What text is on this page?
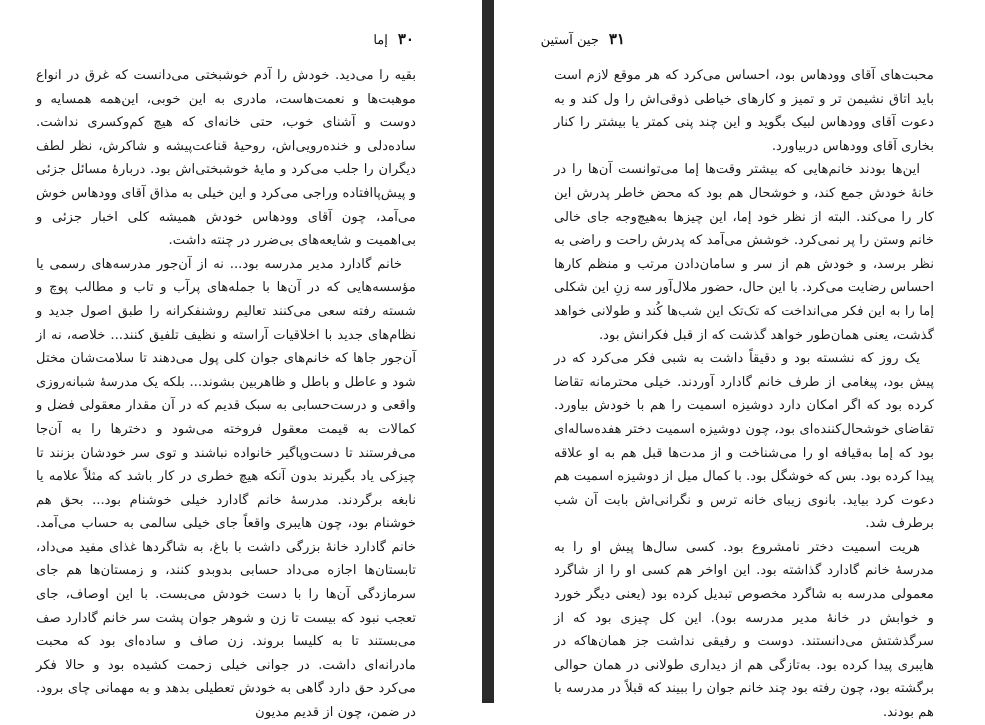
۳۰
إما

بقیه را می‌دید. خودش را آدم خوشبختی می‌دانست که غرق در انواع موهبت‌ها و نعمت‌هاست، مادری به این خوبی، این‌همه همسایه و دوست و آشنای خوب، حتی خانه‌ای که هیچ کم‌وکسری نداشت. ساده‌دلی و خنده‌رویی‌اش، روحیهٔ قناعت‌پیشه و شاکرش، نظر لطف دیگران را جلب می‌کرد و مایهٔ خوشبختی‌اش بود. دربارهٔ مسائل جزئی و پیش‌پاافتاده وراجی می‌کرد و این خیلی به مذاق آقای وودهاس خوش می‌آمد، چون آقای وودهاس خودش همیشه کلی اخبار جزئی و بی‌اهمیت و شایعه‌های بی‌ضرر در چنته داشت.

خانم گادارد مدیر مدرسه بود... نه از آن‌جور مدرسه‌های رسمی یا مؤسسه‌هایی که در آن‌ها با جمله‌های پرآب و تاب و مطالب پوچ و شسته رفته سعی می‌کنند تعالیم روشنفکرانه را طبق اصول جدید و نظام‌های جدید با اخلاقیات آراسته و نظیف تلفیق کنند... خلاصه، نه از آن‌جور جاها که خانم‌های جوان کلی پول می‌دهند تا سلامت‌شان مختل شود و عاطل و باطل و ظاهربین بشوند... بلکه یک مدرسهٔ شبانه‌روزی واقعی و درست‌حسابی به سبک قدیم که در آن مقدار معقولی فضل و کمالات به قیمت معقول فروخته می‌شود و دخترها را به آن‌جا می‌فرستند تا دست‌وپاگیر خانواده نباشند و توی سر خودشان بزنند تا چیزکی یاد بگیرند بدون آنکه هیچ خطری در کار باشد که مثلاً علامه یا نابغه برگردند. مدرسهٔ خانم گادارد خیلی خوشنام بود... بحق هم خوشنام بود، چون هایبری واقعاً جای خیلی سالمی به حساب می‌آمد. خانم گادارد خانهٔ بزرگی داشت با باغ، به شاگردها غذای مفید می‌داد، تابستان‌ها اجازه می‌داد حسابی بدوبدو کنند، و زمستان‌ها هم جای سرمازدگی آن‌ها را با دست خودش می‌بست. با این اوصاف، جای تعجب نبود که بیست تا زن و شوهر جوان پشت سر خانم گادارد صف می‌بستند تا به کلیسا بروند. زن صاف و ساده‌ای بود که محبت مادرانه‌ای داشت. در جوانی خیلی زحمت کشیده بود و حالا فکر می‌کرد حق دارد گاهی به خودش تعطیلی بدهد و به مهمانی چای برود. در ضمن، چون از قدیم مدیون

۳۱
جین آستین

محبت‌های آقای وودهاس بود، احساس می‌کرد که هر موقع لازم است باید اتاق نشیمن تر و تمیز و کارهای خیاطی ذوقی‌اش را ول کند و به دعوت آقای وودهاس لبیک بگوید و این چند پنی کمتر یا بیشتر را کنار بخاری آقای وودهاس دربیاورد.

این‌ها بودند خانم‌هایی که بیشتر وقت‌ها إما می‌توانست آن‌ها را در خانهٔ خودش جمع کند، و خوشحال هم بود که محض خاطر پدرش این کار را می‌کند. البته از نظر خود إما، این چیزها به‌هیچ‌وجه جای خالی خانم وستن را پر نمی‌کرد. خوشش می‌آمد که پدرش راحت و راضی به نظر برسد، و خودش هم از سر و سامان‌دادن مرتب و منظم کارها احساس رضایت می‌کرد. با این حال، حضور ملال‌آور سه زنِ این شکلی إما را به این فکر می‌انداخت که تک‌تک این شب‌ها کُند و طولانی خواهد گذشت، یعنی همان‌طور خواهد گذشت که از قبل فکرانش بود.

یک روز که نشسته بود و دقیقاً داشت به شبی فکر می‌کرد که در پیش بود، پیغامی از طرف خانم گادارد آوردند. خیلی محترمانه تقاضا کرده بود که اگر امکان دارد دوشیزه اسمیت را هم با خودش بیاورد. تقاضای خوشحال‌کننده‌ای بود، چون دوشیزه اسمیت دختر هفده‌ساله‌ای بود که إما به‌قیافه او را می‌شناخت و از مدت‌ها قبل هم به او علاقه پیدا کرده بود. بس که خوشگل بود. با کمال میل از دوشیزه اسمیت هم دعوت کرد بیاید. بانوی زیبای خانه ترس و نگرانی‌اش بابت آن شب برطرف شد.

هریت اسمیت دختر نامشروع بود. کسی سال‌ها پیش او را به مدرسهٔ خانم گادارد گذاشته بود. این اواخر هم کسی او را از شاگرد معمولی مدرسه به شاگرد مخصوص تبدیل کرده بود (یعنی دیگر خورد و خوابش در خانهٔ مدیر مدرسه بود). این کل چیزی بود که از سرگذشتش می‌دانستند. دوست و رفیقی نداشت جز همان‌هاکه در هایبری پیدا کرده بود. به‌تازگی هم از دیداری طولانی در همان حوالی برگشته بود، چون رفته بود چند خانم جوان را ببیند که قبلاً در مدرسه با هم بودند.
